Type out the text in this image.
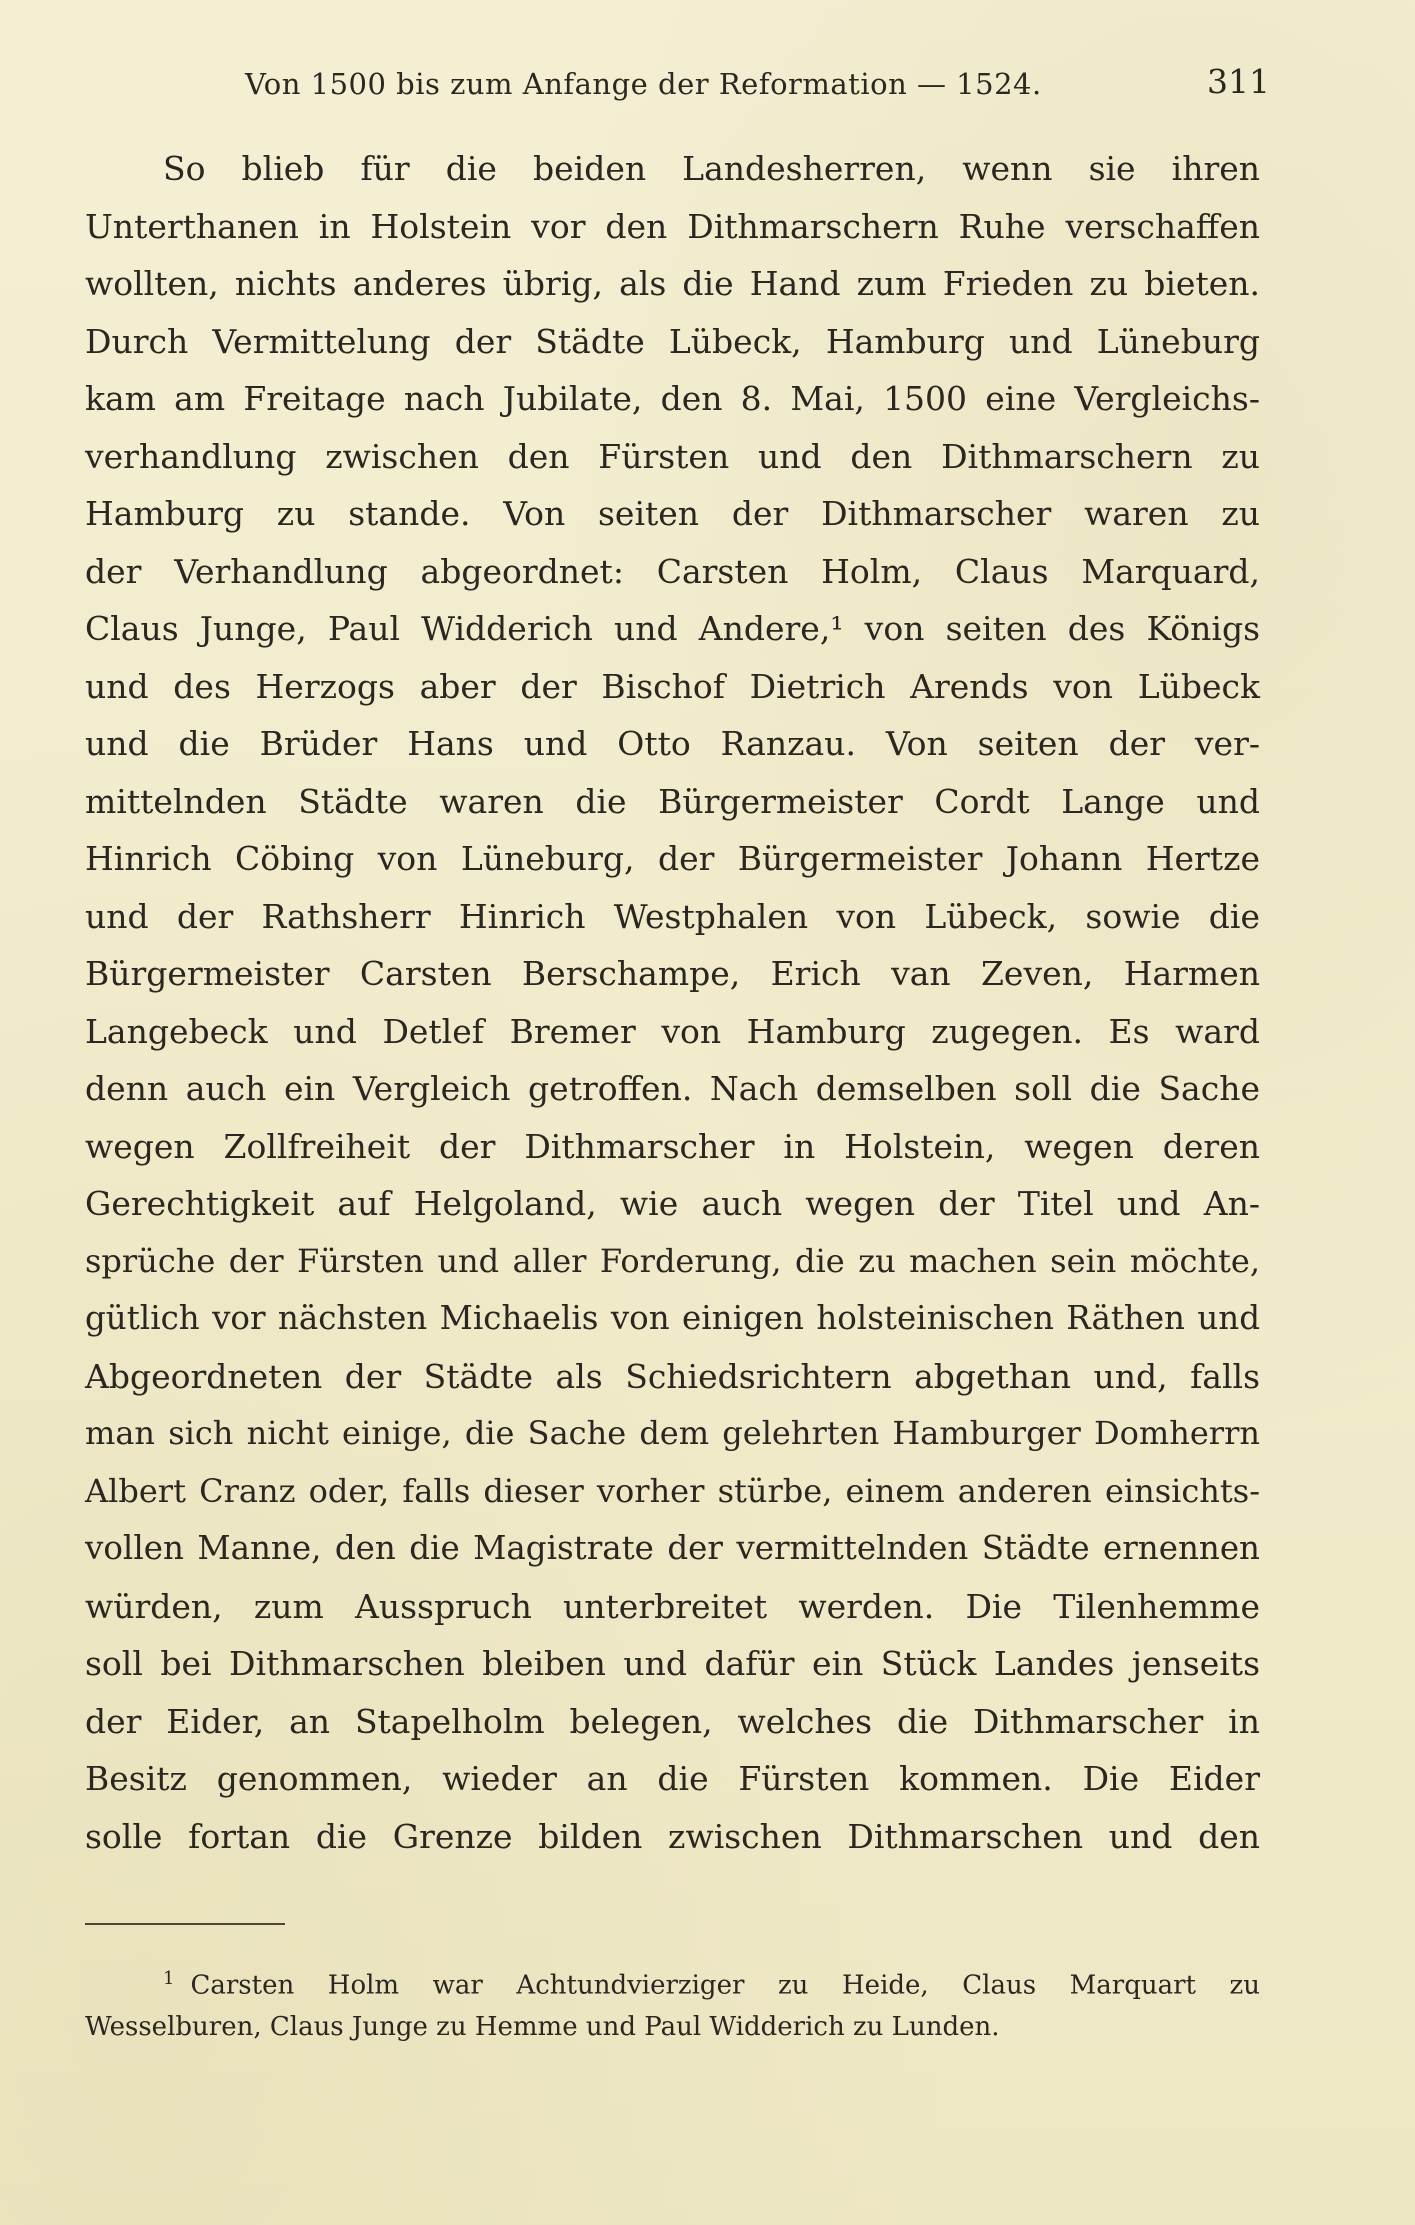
Von 1500 bis zum Anfange der Reformation — 1524.	311
So blieb für die beiden Landesherren, wenn sie ihren
Unterthanen in Holstein vor den Dithmarschern Ruhe verschaffen
wollten, nichts anderes übrig, als die Hand zum Frieden zu bieten.
Durch Vermittelung der Städte Lübeck, Hamburg und Lüneburg
kam am Freitage nach Jubilate, den 8. Mai, 1500 eine Vergleichs-
verhandlung zwischen den Fürsten und den Dithmarschern zu
Hamburg zu stande. Von seiten der Dithmarscher waren zu
der Verhandlung abgeordnet: Carsten Holm, Claus Marquard,
Claus Junge, Paul Widderich und Andere,¹ von seiten des Königs
und des Herzogs aber der Bischof Dietrich Arends von Lübeck
und die Brüder Hans und Otto Ranzau. Von seiten der ver-
mittelnden Städte waren die Bürgermeister Cordt Lange und
Hinrich Cöbing von Lüneburg, der Bürgermeister Johann Hertze
und der Rathsherr Hinrich Westphalen von Lübeck, sowie die
Bürgermeister Carsten Berschampe, Erich van Zeven, Harmen
Langebeck und Detlef Bremer von Hamburg zugegen. Es ward
denn auch ein Vergleich getroffen. Nach demselben soll die Sache
wegen Zollfreiheit der Dithmarscher in Holstein, wegen deren
Gerechtigkeit auf Helgoland, wie auch wegen der Titel und An-
sprüche der Fürsten und aller Forderung, die zu machen sein möchte,
gütlich vor nächsten Michaelis von einigen holsteinischen Räthen und
Abgeordneten der Städte als Schiedsrichtern abgethan und, falls
man sich nicht einige, die Sache dem gelehrten Hamburger Domherrn
Albert Cranz oder, falls dieser vorher stürbe, einem anderen einsichts-
vollen Manne, den die Magistrate der vermittelnden Städte ernennen
würden, zum Ausspruch unterbreitet werden. Die Tilenhemme
soll bei Dithmarschen bleiben und dafür ein Stück Landes jenseits
der Eider, an Stapelholm belegen, welches die Dithmarscher in
Besitz genommen, wieder an die Fürsten kommen. Die Eider
solle fortan die Grenze bilden zwischen Dithmarschen und den
$^1$ Carsten Holm war Achtundvierziger zu Heide, Claus Marquart zu
Wesselburen, Claus Junge zu Hemme und Paul Widderich zu Lunden.
